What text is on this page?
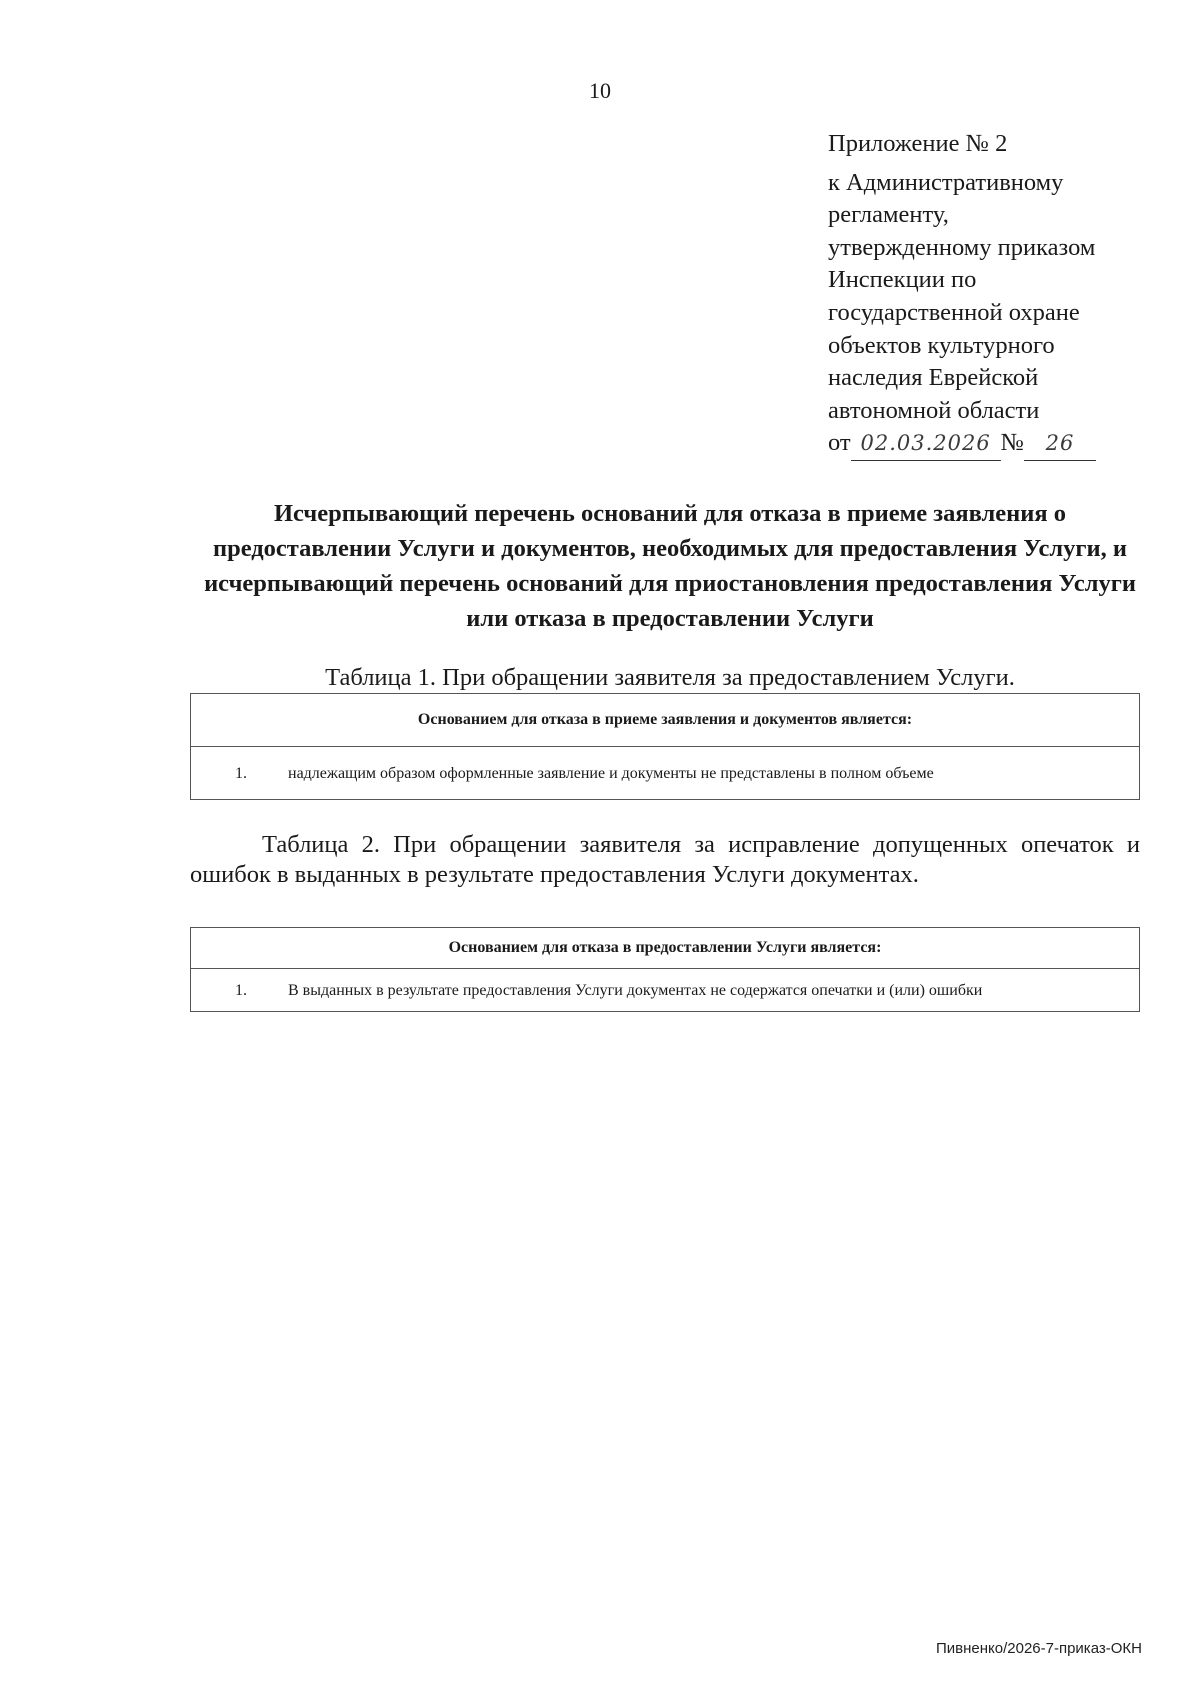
10
Приложение № 2
к Административному
регламенту,
утвержденному приказом
Инспекции по
государственной охране
объектов культурного
наследия Еврейской
автономной области
от 02.03.2026 № 26
Исчерпывающий перечень оснований для отказа в приеме заявления о предоставлении Услуги и документов, необходимых для предоставления Услуги, и исчерпывающий перечень оснований для приостановления предоставления Услуги или отказа в предоставлении Услуги
Таблица 1. При обращении заявителя за предоставлением Услуги.
Основанием для отказа в приеме заявления и документов является:

1.	надлежащим образом оформленные заявление и документы не представлены в полном объеме
Таблица 2. При обращении заявителя за исправление допущенных опечаток и ошибок в выданных в результате предоставления Услуги документах.
Основанием для отказа в предоставлении Услуги является:

1.	В выданных в результате предоставления Услуги документах не содержатся опечатки и (или) ошибки
Пивненко/2026-7-приказ-ОКН
